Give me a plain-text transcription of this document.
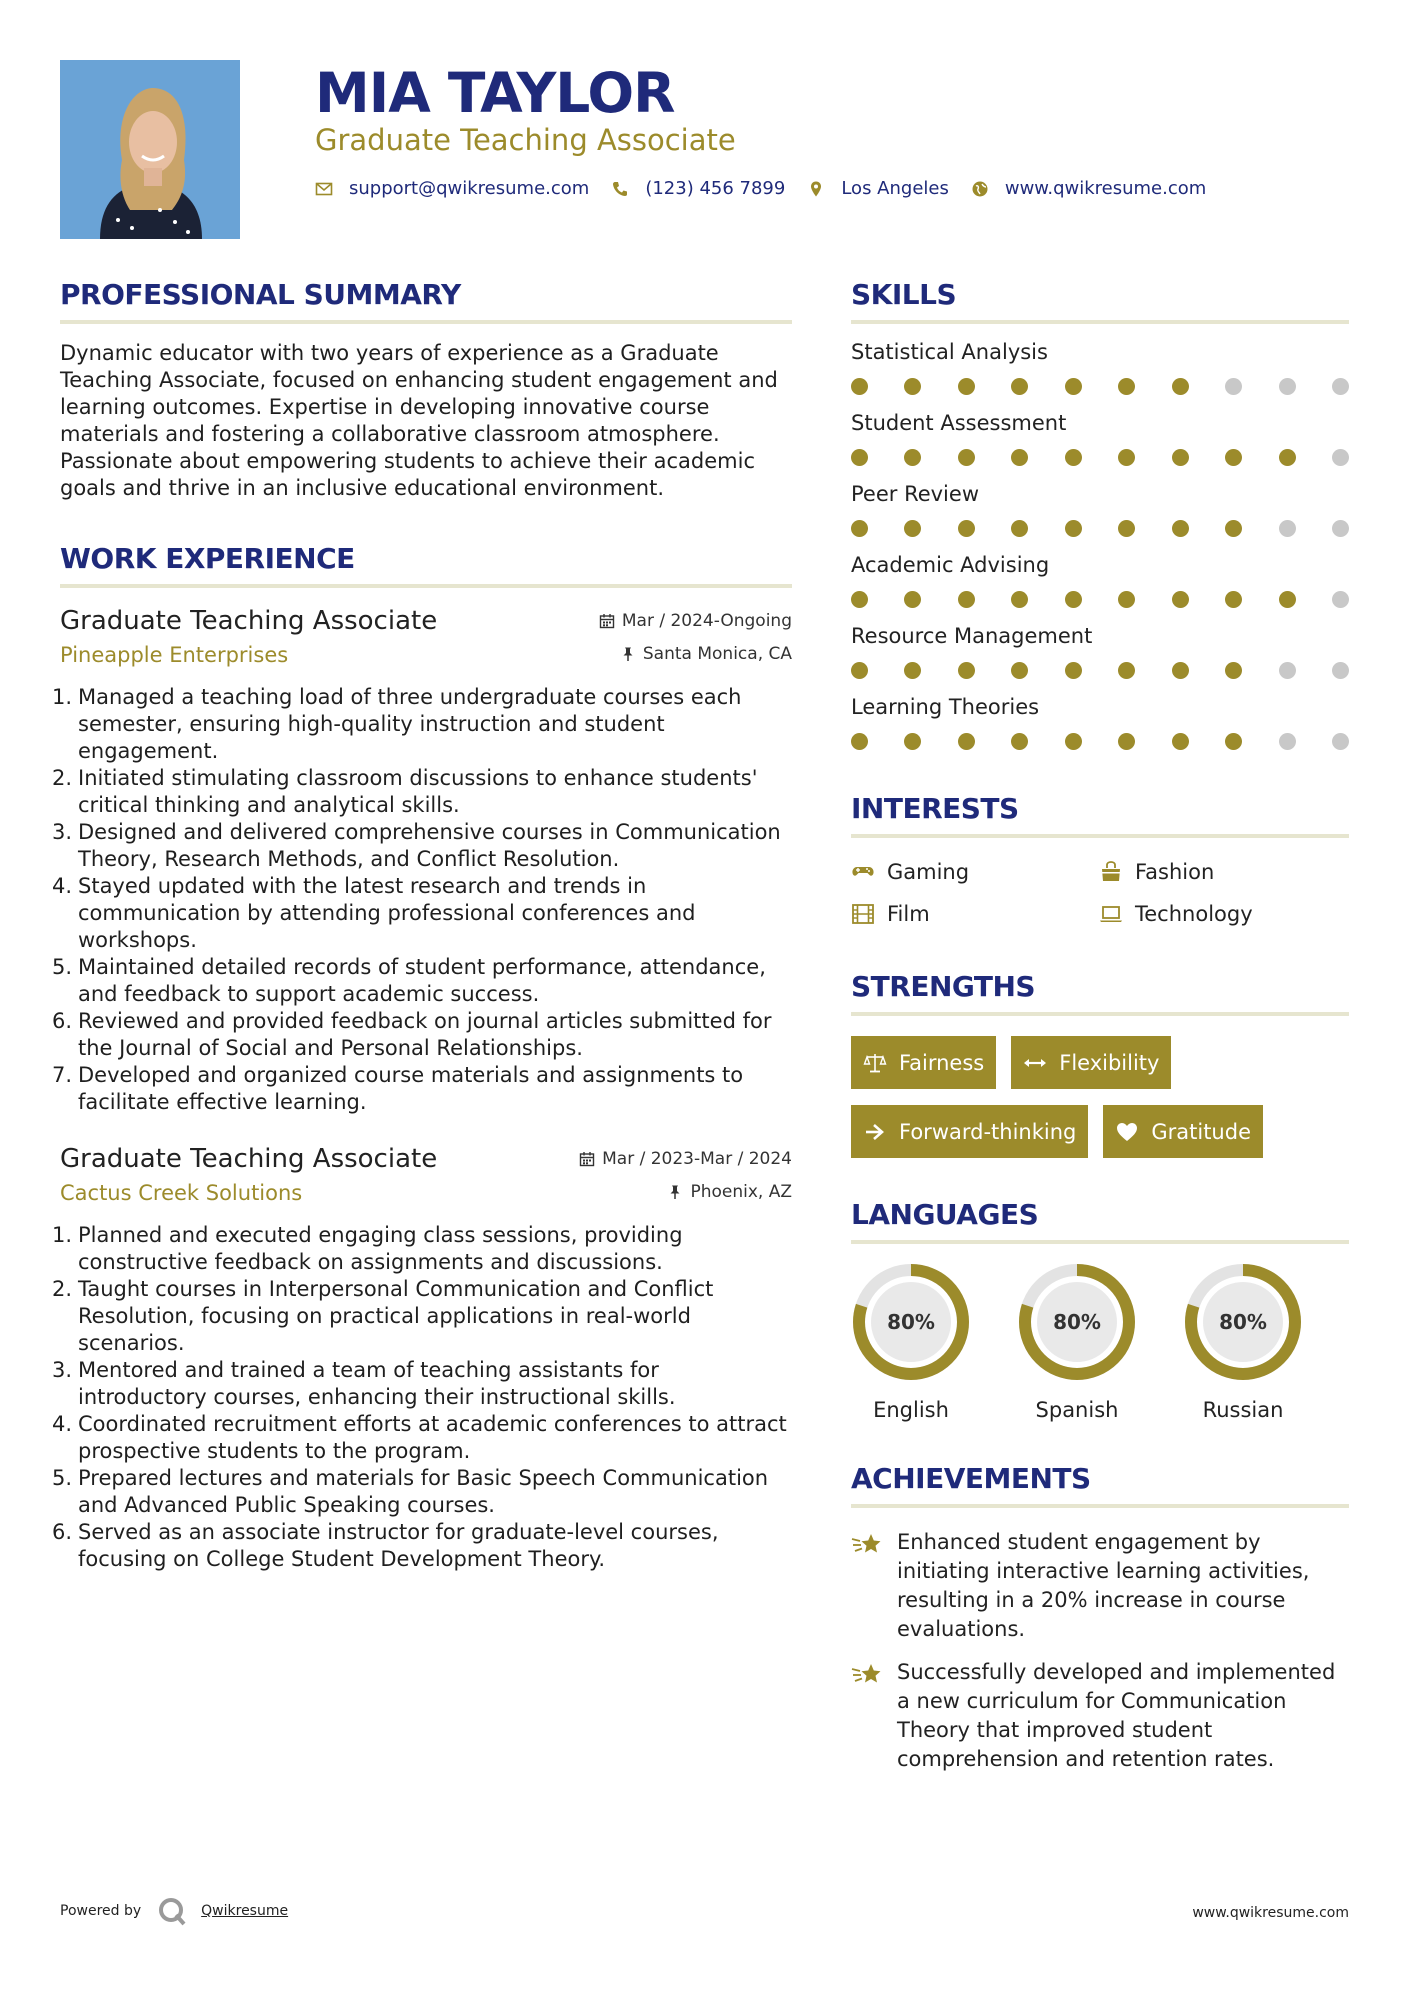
MIA TAYLOR
Graduate Teaching Associate
support@qwikresume.com	(123) 456 7899	Los Angeles	www.qwikresume.com
PROFESSIONAL SUMMARY

Dynamic educator with two years of experience as a Graduate Teaching Associate, focused on enhancing student engagement and learning outcomes. Expertise in developing innovative course materials and fostering a collaborative classroom atmosphere. Passionate about empowering students to achieve their academic goals and thrive in an inclusive educational environment.

WORK EXPERIENCE
Graduate Teaching Associate	Mar / 2024-Ongoing
Pineapple Enterprises	Santa Monica, CA
1. Managed a teaching load of three undergraduate courses each semester, ensuring high-quality instruction and student engagement.
2. Initiated stimulating classroom discussions to enhance students' critical thinking and analytical skills.
3. Designed and delivered comprehensive courses in Communication Theory, Research Methods, and Conflict Resolution.
4. Stayed updated with the latest research and trends in communication by attending professional conferences and workshops.
5. Maintained detailed records of student performance, attendance, and feedback to support academic success.
6. Reviewed and provided feedback on journal articles submitted for the Journal of Social and Personal Relationships.
7. Developed and organized course materials and assignments to facilitate effective learning.
Graduate Teaching Associate	Mar / 2023-Mar / 2024
Cactus Creek Solutions	Phoenix, AZ
1. Planned and executed engaging class sessions, providing constructive feedback on assignments and discussions.
2. Taught courses in Interpersonal Communication and Conflict Resolution, focusing on practical applications in real-world scenarios.
3. Mentored and trained a team of teaching assistants for introductory courses, enhancing their instructional skills.
4. Coordinated recruitment efforts at academic conferences to attract prospective students to the program.
5. Prepared lectures and materials for Basic Speech Communication and Advanced Public Speaking courses.
6. Served as an associate instructor for graduate-level courses, focusing on College Student Development Theory.
SKILLS
Statistical Analysis
Student Assessment
Peer Review
Academic Advising
Resource Management
Learning Theories
INTERESTS
Gaming	Fashion
Film	Technology
STRENGTHS
Fairness	Flexibility
Forward-thinking	Gratitude
LANGUAGES
80%
English
80%
Spanish
80%
Russian
ACHIEVEMENTS
Enhanced student engagement by initiating interactive learning activities, resulting in a 20% increase in course evaluations.
Successfully developed and implemented a new curriculum for Communication Theory that improved student comprehension and retention rates.
Powered by	Qwikresume	www.qwikresume.com
